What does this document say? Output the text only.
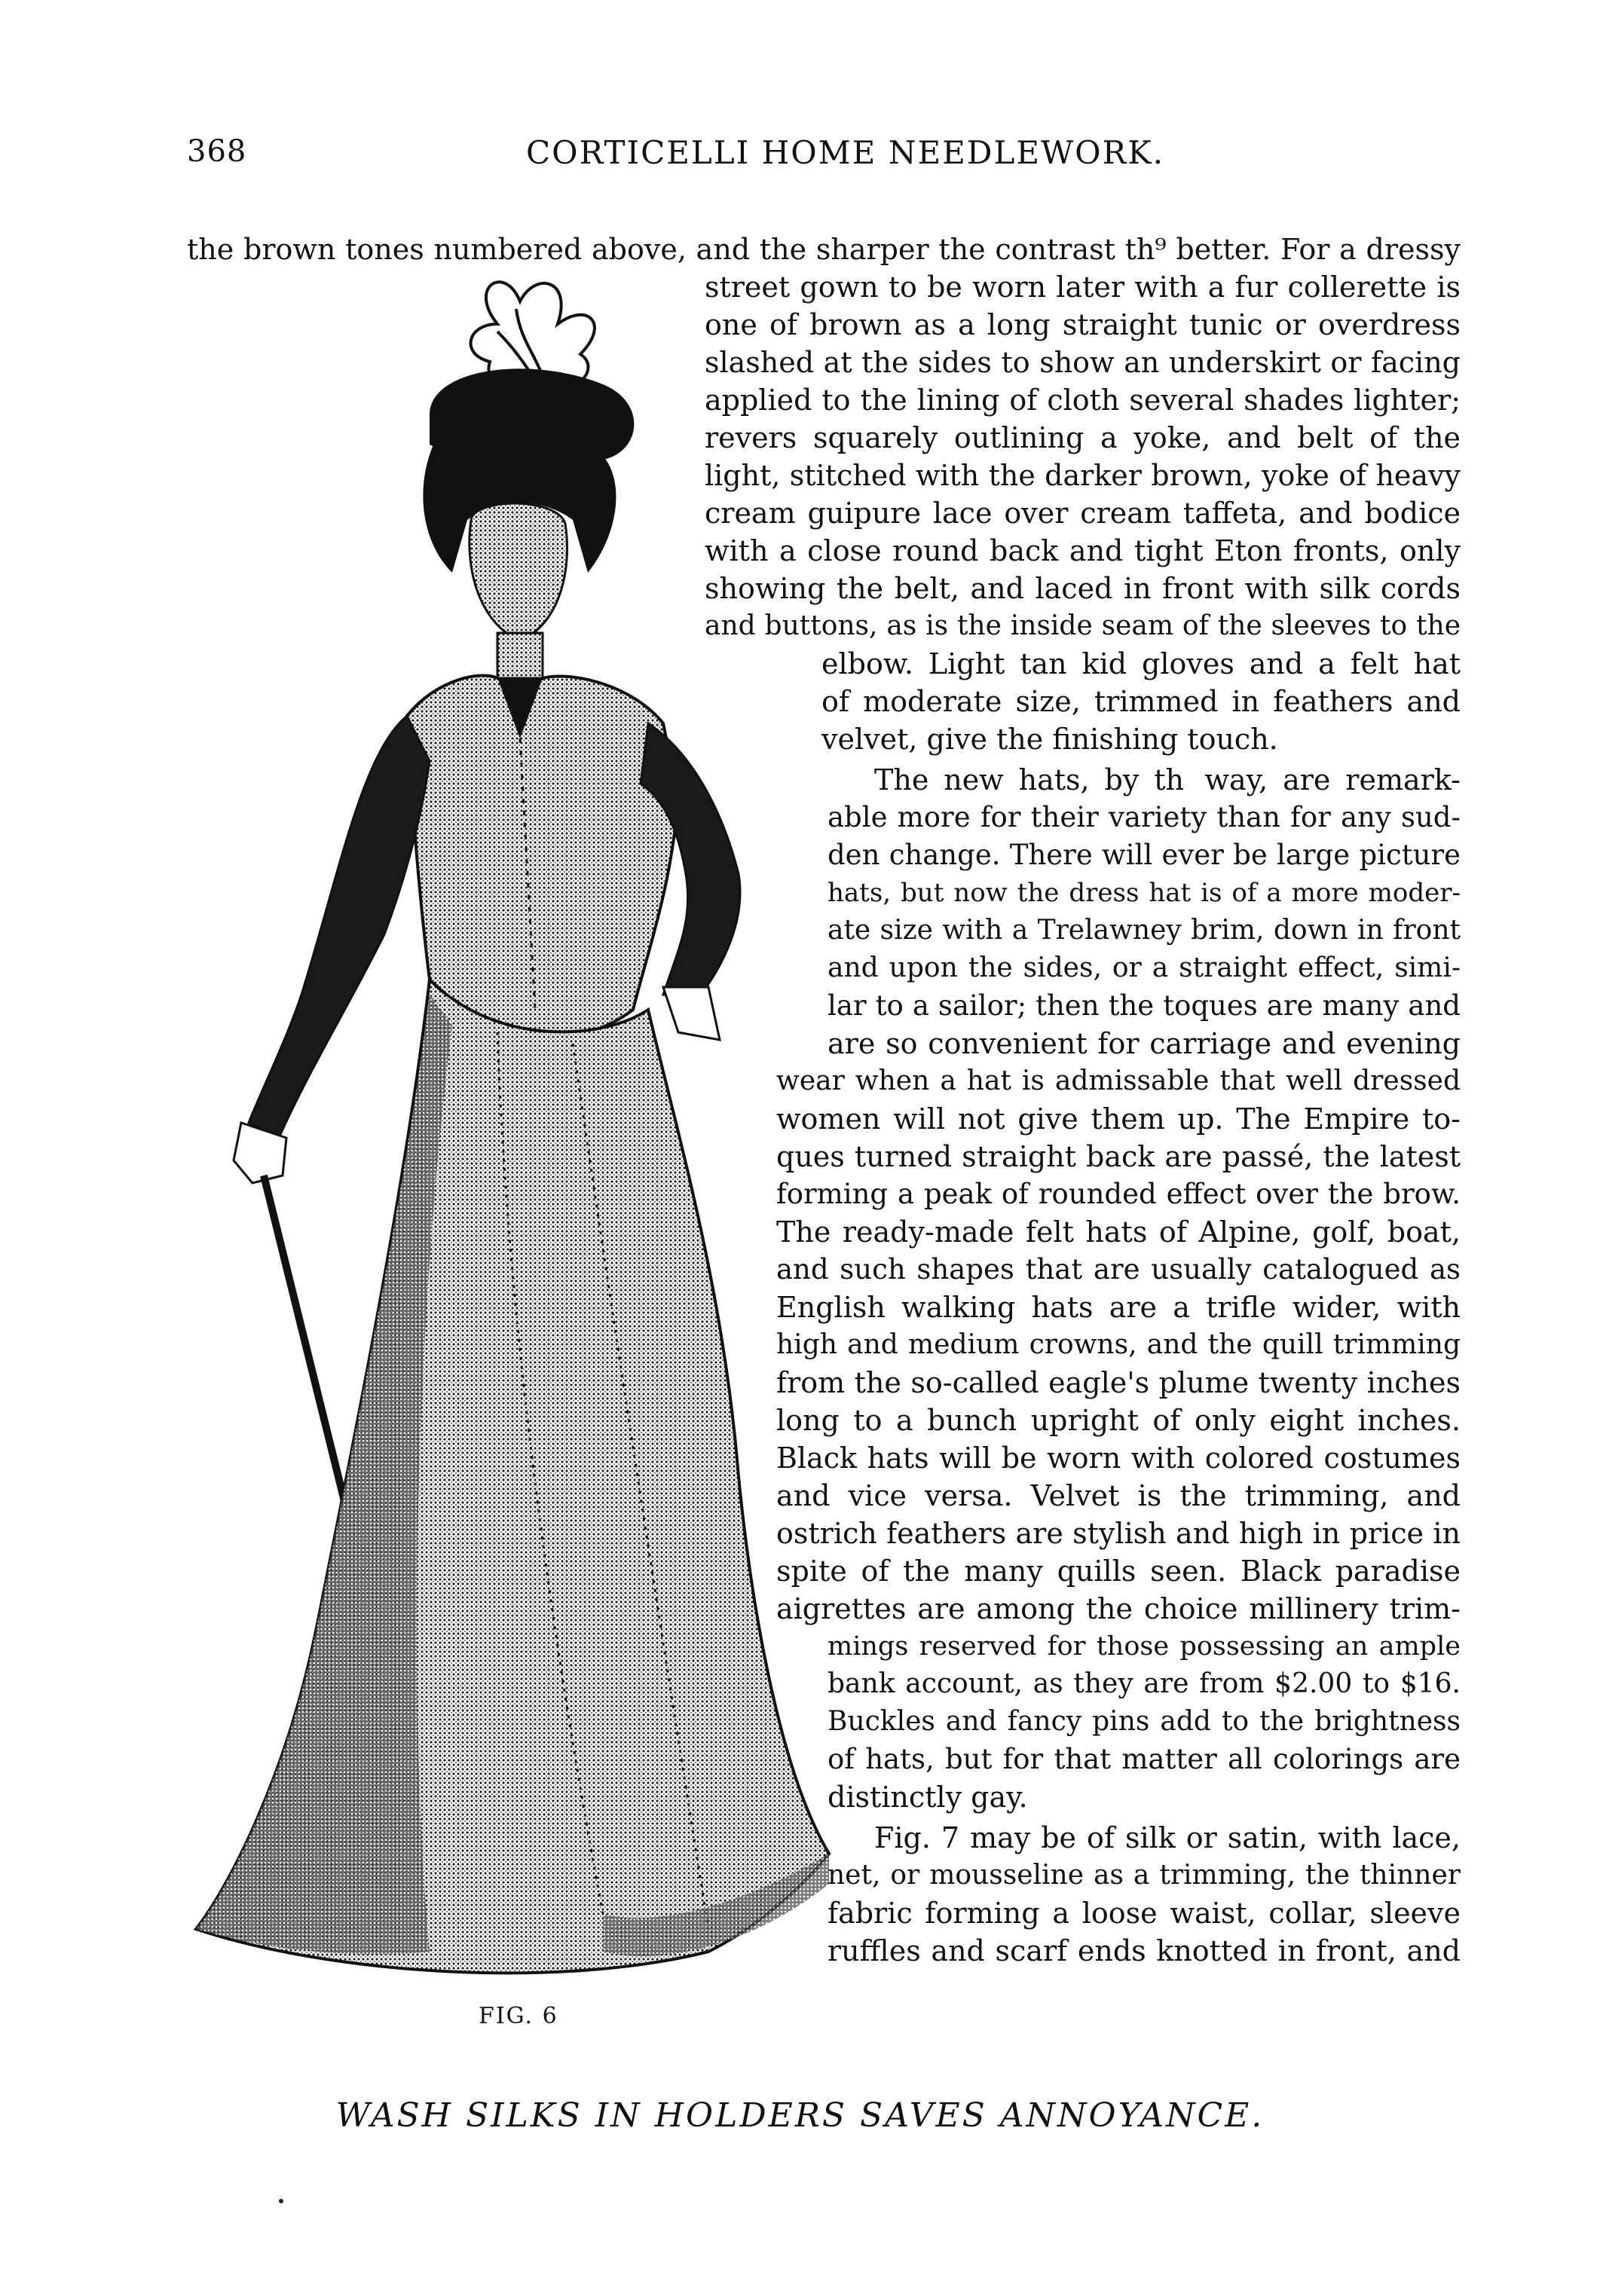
368	CORTICELLI HOME NEEDLEWORK.
FIG. 6
the brown tones numbered above, and the sharper the contrast th⁹ better. For a dressy
street gown to be worn later with a fur collerette is
one of brown as a long straight tunic or overdress
slashed at the sides to show an underskirt or facing
applied to the lining of cloth several shades lighter;
revers squarely outlining a yoke, and belt of the
light, stitched with the darker brown, yoke of heavy
cream guipure lace over cream taffeta, and bodice
with a close round back and tight Eton fronts, only
showing the belt, and laced in front with silk cords
and buttons, as is the inside seam of the sleeves to the
elbow. Light tan kid gloves and a felt hat
of moderate size, trimmed in feathers and
velvet, give the finishing touch.
The new hats, by th  way, are remark-
able more for their variety than for any sud-
den change. There will ever be large picture
hats, but now the dress hat is of a more moder-
ate size with a Trelawney brim, down in front
and upon the sides, or a straight effect, simi-
lar to a sailor; then the toques are many and
are so convenient for carriage and evening
wear when a hat is admissable that well dressed
women will not give them up. The Empire to-
ques turned straight back are passé, the latest
forming a peak of rounded effect over the brow.
The ready-made felt hats of Alpine, golf, boat,
and such shapes that are usually catalogued as
English walking hats are a trifle wider, with
high and medium crowns, and the quill trimming
from the so-called eagle's plume twenty inches
long to a bunch upright of only eight inches.
Black hats will be worn with colored costumes
and vice versa. Velvet is the trimming, and
ostrich feathers are stylish and high in price in
spite of the many quills seen. Black paradise
aigrettes are among the choice millinery trim-
mings reserved for those possessing an ample
bank account, as they are from $2.00 to $16.
Buckles and fancy pins add to the brightness
of hats, but for that matter all colorings are
distinctly gay.
Fig. 7 may be of silk or satin, with lace,
net, or mousseline as a trimming, the thinner
fabric forming a loose waist, collar, sleeve
ruffles and scarf ends knotted in front, and
WASH SILKS IN HOLDERS SAVES ANNOYANCE.
